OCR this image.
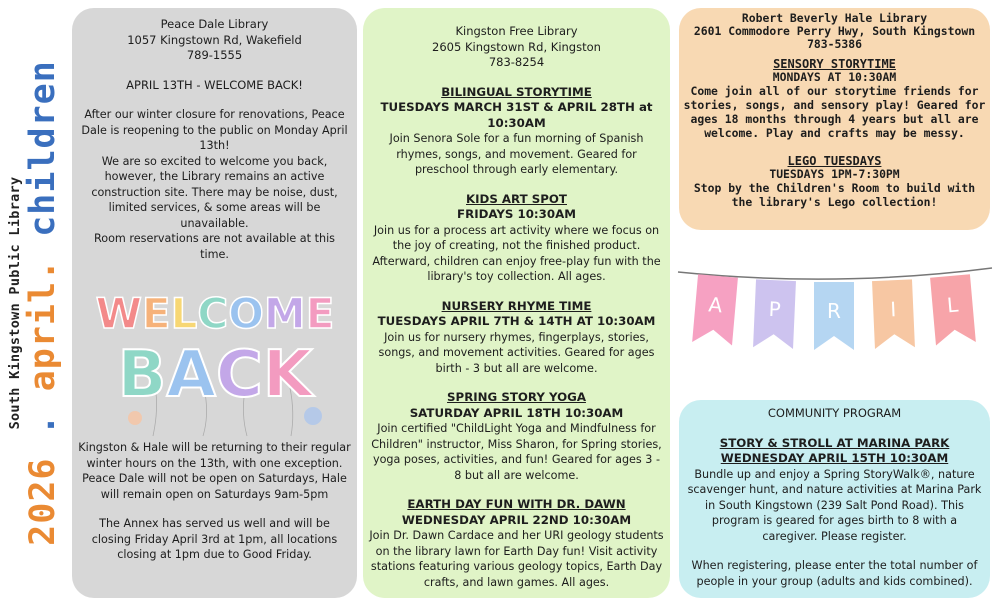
South Kingstown Public Library
2026 . april. children
Peace Dale Library
1057 Kingstown Rd, Wakefield
789-1555
APRIL 13TH - WELCOME BACK!

After our winter closure for renovations, Peace Dale is reopening to the public on Monday April 13th!

We are so excited to welcome you back, however, the Library remains an active construction site. There may be noise, dust, limited services, & some areas will be unavailable.

Room reservations are not available at this time.

WELCOME
BACK

Kingston & Hale will be returning to their regular winter hours on the 13th, with one exception. Peace Dale will not be open on Saturdays, Hale will remain open on Saturdays 9am-5pm

The Annex has served us well and will be closing Friday April 3rd at 1pm, all locations closing at 1pm due to Good Friday.

Kingston Free Library
2605 Kingstown Rd, Kingston
783-8254
BILINGUAL STORYTIME
TUESDAYS MARCH 31ST & APRIL 28TH at 10:30AM
Join Senora Sole for a fun morning of Spanish rhymes, songs, and movement. Geared for preschool through early elementary.
KIDS ART SPOT
FRIDAYS 10:30AM
Join us for a process art activity where we focus on the joy of creating, not the finished product. Afterward, children can enjoy free-play fun with the library's toy collection. All ages.
NURSERY RHYME TIME
TUESDAYS APRIL 7TH & 14TH AT 10:30AM
Join us for nursery rhymes, fingerplays, stories, songs, and movement activities. Geared for ages birth - 3 but all are welcome.
SPRING STORY YOGA
SATURDAY APRIL 18TH 10:30AM
Join certified "ChildLight Yoga and Mindfulness for Children" instructor, Miss Sharon, for Spring stories, yoga poses, activities, and fun! Geared for ages 3 - 8 but all are welcome.
EARTH DAY FUN WITH DR. DAWN
WEDNESDAY APRIL 22ND 10:30AM
Join Dr. Dawn Cardace and her URI geology students on the library lawn for Earth Day fun! Visit activity stations featuring various geology topics, Earth Day crafts, and lawn games. All ages.
Robert Beverly Hale Library
2601 Commodore Perry Hwy, South Kingstown
783-5386
SENSORY STORYTIME
MONDAYS AT 10:30AM
Come join all of our storytime friends for stories, songs, and sensory play! Geared for ages 18 months through 4 years but all are welcome. Play and crafts may be messy.
LEGO TUESDAYS
TUESDAYS 1PM-7:30PM
Stop by the Children's Room to build with the library's Lego collection!
A P R I L
COMMUNITY PROGRAM
STORY & STROLL AT MARINA PARK
WEDNESDAY APRIL 15TH 10:30AM
Bundle up and enjoy a Spring StoryWalk®, nature scavenger hunt, and nature activities at Marina Park in South Kingstown (239 Salt Pond Road). This program is geared for ages birth to 8 with a caregiver. Please register.
When registering, please enter the total number of people in your group (adults and kids combined).
